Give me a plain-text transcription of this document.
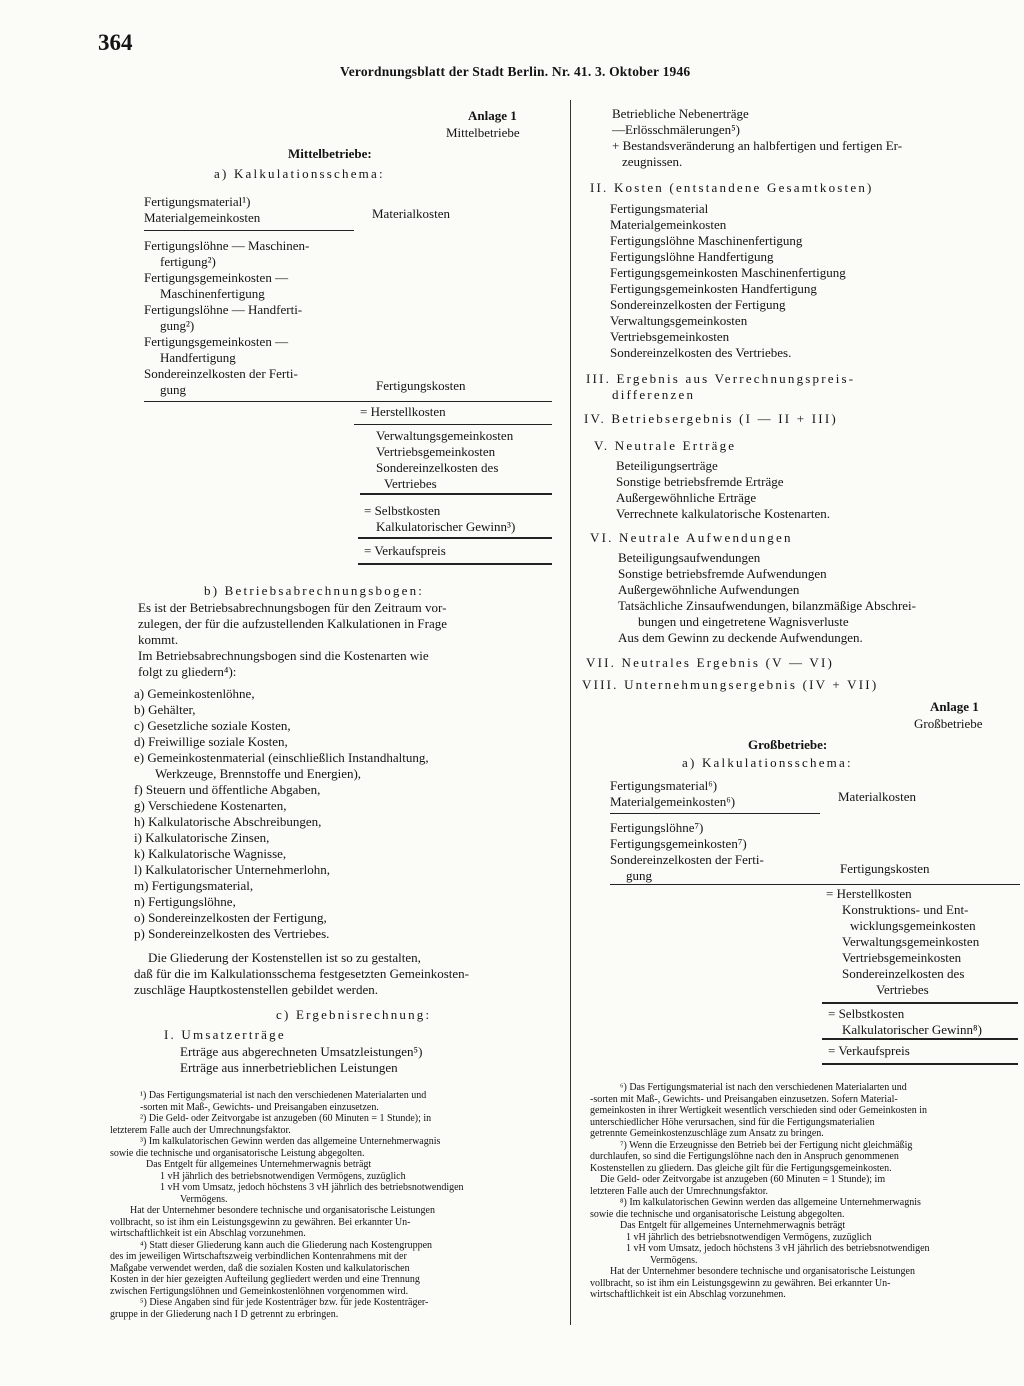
364
Verordnungsblatt der Stadt Berlin. Nr. 41. 3. Oktober 1946
Anlage 1
Mittelbetriebe
Mittelbetriebe:
a) Kalkulationsschema:
Fertigungsmaterial¹)
Materialgemeinkosten	Materialkosten
Fertigungslöhne — Maschinen-
fertigung²)
Fertigungsgemeinkosten —
Maschinenfertigung
Fertigungslöhne — Handferti-
gung²)
Fertigungsgemeinkosten —
Handfertigung
Sondereinzelkosten der Ferti-
gung	Fertigungskosten
= Herstellkosten
Verwaltungsgemeinkosten
Vertriebsgemeinkosten
Sondereinzelkosten des
Vertriebes
= Selbstkosten
Kalkulatorischer Gewinn³)
= Verkaufspreis
b) Betriebsabrechnungsbogen:
Es ist der Betriebsabrechnungsbogen für den Zeitraum vor-
zulegen, der für die aufzustellenden Kalkulationen in Frage
kommt.
Im Betriebsabrechnungsbogen sind die Kostenarten wie
folgt zu gliedern⁴):
a) Gemeinkostenlöhne,
b) Gehälter,
c) Gesetzliche soziale Kosten,
d) Freiwillige soziale Kosten,
e) Gemeinkostenmaterial (einschließlich Instandhaltung,
Werkzeuge, Brennstoffe und Energien),
f) Steuern und öffentliche Abgaben,
g) Verschiedene Kostenarten,
h) Kalkulatorische Abschreibungen,
i) Kalkulatorische Zinsen,
k) Kalkulatorische Wagnisse,
l) Kalkulatorischer Unternehmerlohn,
m) Fertigungsmaterial,
n) Fertigungslöhne,
o) Sondereinzelkosten der Fertigung,
p) Sondereinzelkosten des Vertriebes.
Die Gliederung der Kostenstellen ist so zu gestalten,
daß für die im Kalkulationsschema festgesetzten Gemeinkosten-
zuschläge Hauptkostenstellen gebildet werden.
c) Ergebnisrechnung:
I. Umsatzerträge
Erträge aus abgerechneten Umsatzleistungen⁵)
Erträge aus innerbetrieblichen Leistungen
¹) Das Fertigungsmaterial ist nach den verschiedenen Materialarten und
-sorten mit Maß-, Gewichts- und Preisangaben einzusetzen.
²) Die Geld- oder Zeitvorgabe ist anzugeben (60 Minuten = 1 Stunde); in
letzterem Falle auch der Umrechnungsfaktor.
³) Im kalkulatorischen Gewinn werden das allgemeine Unternehmerwagnis
sowie die technische und organisatorische Leistung abgegolten.
Das Entgelt für allgemeines Unternehmerwagnis beträgt
1 vH jährlich des betriebsnotwendigen Vermögens, zuzüglich
1 vH vom Umsatz, jedoch höchstens 3 vH jährlich des betriebsnotwendigen
Vermögens.
Hat der Unternehmer besondere technische und organisatorische Leistungen
vollbracht, so ist ihm ein Leistungsgewinn zu gewähren. Bei erkannter Un-
wirtschaftlichkeit ist ein Abschlag vorzunehmen.
⁴) Statt dieser Gliederung kann auch die Gliederung nach Kostengruppen
des im jeweiligen Wirtschaftszweig verbindlichen Kontenrahmens mit der
Maßgabe verwendet werden, daß die sozialen Kosten und kalkulatorischen
Kosten in der hier gezeigten Aufteilung gegliedert werden und eine Trennung
zwischen Fertigungslöhnen und Gemeinkostenlöhnen vorgenommen wird.
⁵) Diese Angaben sind für jede Kostenträger bzw. für jede Kostenträger-
gruppe in der Gliederung nach I D getrennt zu erbringen.
Betriebliche Nebenerträge
—Erlösschmälerungen⁵)
+ Bestandsveränderung an halbfertigen und fertigen Er-
zeugnissen.
II. Kosten (entstandene Gesamtkosten)
Fertigungsmaterial
Materialgemeinkosten
Fertigungslöhne Maschinenfertigung
Fertigungslöhne Handfertigung
Fertigungsgemeinkosten Maschinenfertigung
Fertigungsgemeinkosten Handfertigung
Sondereinzelkosten der Fertigung
Verwaltungsgemeinkosten
Vertriebsgemeinkosten
Sondereinzelkosten des Vertriebes.
III. Ergebnis aus Verrechnungspreis-
differenzen
IV. Betriebsergebnis (I — II + III)
V. Neutrale Erträge
Beteiligungserträge
Sonstige betriebsfremde Erträge
Außergewöhnliche Erträge
Verrechnete kalkulatorische Kostenarten.
VI. Neutrale Aufwendungen
Beteiligungsaufwendungen
Sonstige betriebsfremde Aufwendungen
Außergewöhnliche Aufwendungen
Tatsächliche Zinsaufwendungen, bilanzmäßige Abschrei-
bungen und eingetretene Wagnisverluste
Aus dem Gewinn zu deckende Aufwendungen.
VII. Neutrales Ergebnis (V — VI)
VIII. Unternehmungsergebnis (IV + VII)
Anlage 1
Großbetriebe
Großbetriebe:
a) Kalkulationsschema:
Fertigungsmaterial⁶)
Materialgemeinkosten⁶)	Materialkosten
Fertigungslöhne⁷)
Fertigungsgemeinkosten⁷)
Sondereinzelkosten der Ferti-
gung	Fertigungskosten
= Herstellkosten
Konstruktions- und Ent-
wicklungsgemeinkosten
Verwaltungsgemeinkosten
Vertriebsgemeinkosten
Sondereinzelkosten des
Vertriebes
= Selbstkosten
Kalkulatorischer Gewinn⁸)
= Verkaufspreis
⁶) Das Fertigungsmaterial ist nach den verschiedenen Materialarten und
-sorten mit Maß-, Gewichts- und Preisangaben einzusetzen. Sofern Material-
gemeinkosten in ihrer Wertigkeit wesentlich verschieden sind oder Gemeinkosten in
unterschiedlicher Höhe verursachen, sind für die Fertigungsmaterialien
getrennte Gemeinkostenzuschläge zum Ansatz zu bringen.
⁷) Wenn die Erzeugnisse den Betrieb bei der Fertigung nicht gleichmäßig
durchlaufen, so sind die Fertigungslöhne nach den in Anspruch genommenen
Kostenstellen zu gliedern. Das gleiche gilt für die Fertigungsgemeinkosten.
Die Geld- oder Zeitvorgabe ist anzugeben (60 Minuten = 1 Stunde); im
letzteren Falle auch der Umrechnungsfaktor.
⁸) Im kalkulatorischen Gewinn werden das allgemeine Unternehmerwagnis
sowie die technische und organisatorische Leistung abgegolten.
Das Entgelt für allgemeines Unternehmerwagnis beträgt
1 vH jährlich des betriebsnotwendigen Vermögens, zuzüglich
1 vH vom Umsatz, jedoch höchstens 3 vH jährlich des betriebsnotwendigen
Vermögens.
Hat der Unternehmer besondere technische und organisatorische Leistungen
vollbracht, so ist ihm ein Leistungsgewinn zu gewähren. Bei erkannter Un-
wirtschaftlichkeit ist ein Abschlag vorzunehmen.
